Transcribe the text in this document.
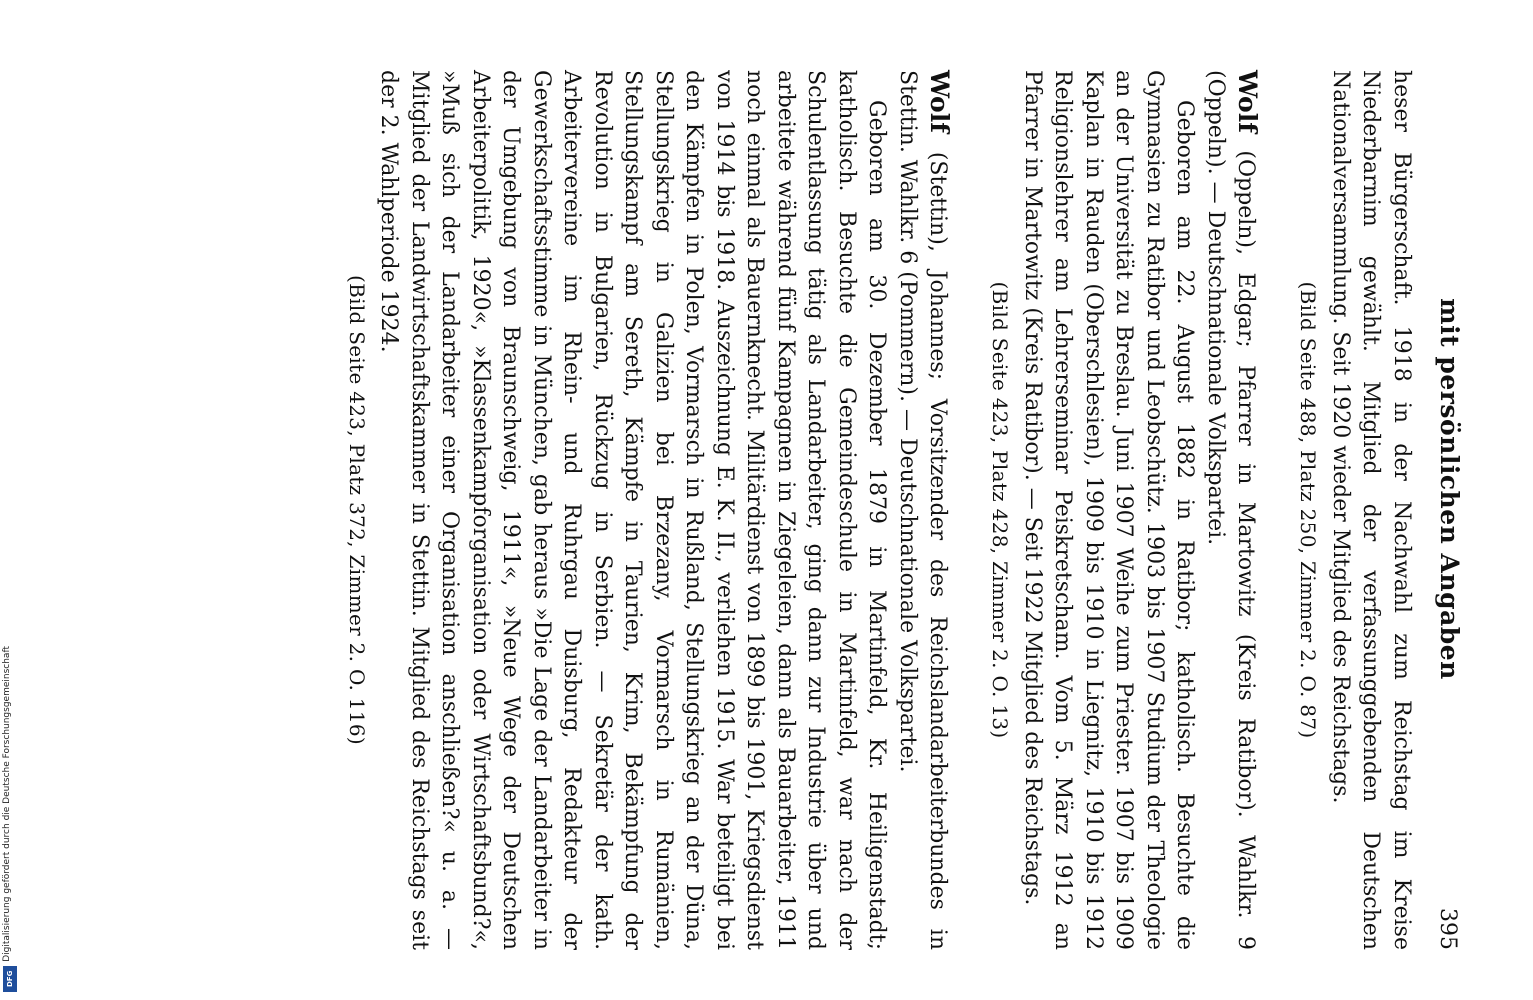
mit persönlichen Angaben
395

heser Bürgerschaft. 1918 in der Nachwahl zum Reichstag im Kreise Niederbarnim gewählt. Mitglied der verfassunggebenden Deutschen Nationalversammlung. Seit 1920 wieder Mitglied des Reichstags.

(Bild Seite 488, Platz 250, Zimmer 2. O. 87)

Wolf (Oppeln), Edgar; Pfarrer in Martowitz (Kreis Ratibor). Wahlkr. 9 (Oppeln). — Deutschnationale Volkspartei.

Geboren am 22. August 1882 in Ratibor; katholisch. Besuchte die Gymnasien zu Ratibor und Leobschütz. 1903 bis 1907 Studium der Theologie an der Universität zu Breslau. Juni 1907 Weihe zum Priester. 1907 bis 1909 Kaplan in Rauden (Oberschlesien), 1909 bis 1910 in Liegnitz, 1910 bis 1912 Religionslehrer am Lehrerseminar Peiskretscham. Vom 5. März 1912 an Pfarrer in Martowitz (Kreis Ratibor). — Seit 1922 Mitglied des Reichstags.

(Bild Seite 423, Platz 428, Zimmer 2. O. 13)

Wolf (Stettin), Johannes; Vorsitzender des Reichslandarbeiterbundes in Stettin. Wahlkr. 6 (Pommern). — Deutschnationale Volkspartei.

Geboren am 30. Dezember 1879 in Martinfeld, Kr. Heiligenstadt; katholisch. Besuchte die Gemeindeschule in Martinfeld, war nach der Schulentlassung tätig als Landarbeiter, ging dann zur Industrie über und arbeitete während fünf Kampagnen in Ziegeleien, dann als Bauarbeiter, 1911 noch einmal als Bauernknecht. Militärdienst von 1899 bis 1901, Kriegsdienst von 1914 bis 1918. Auszeichnung E. K. II., verliehen 1915. War beteiligt bei den Kämpfen in Polen, Vormarsch in Rußland, Stellungskrieg an der Düna, Stellungskrieg in Galizien bei Brzezany, Vormarsch in Rumänien, Stellungskampf am Sereth, Kämpfe in Taurien, Krim, Bekämpfung der Revolution in Bulgarien, Rückzug in Serbien. — Sekretär der kath. Arbeitervereine im Rhein- und Ruhrgau Duisburg, Redakteur der Gewerkschaftsstimme in München, gab heraus »Die Lage der Landarbeiter in der Umgebung von Braunschweig, 1911«, »Neue Wege der Deutschen Arbeiterpolitik, 1920«, »Klassenkampforganisation oder Wirtschaftsbund?«, »Muß sich der Landarbeiter einer Organisation anschließen?« u. a. — Mitglied der Landwirtschaftskammer in Stettin. Mitglied des Reichstags seit der 2. Wahlperiode 1924.

(Bild Seite 423, Platz 372, Zimmer 2. O. 116)
Digitalisierung gefördert durch die Deutsche Forschungsgemeinschaft
DFG
